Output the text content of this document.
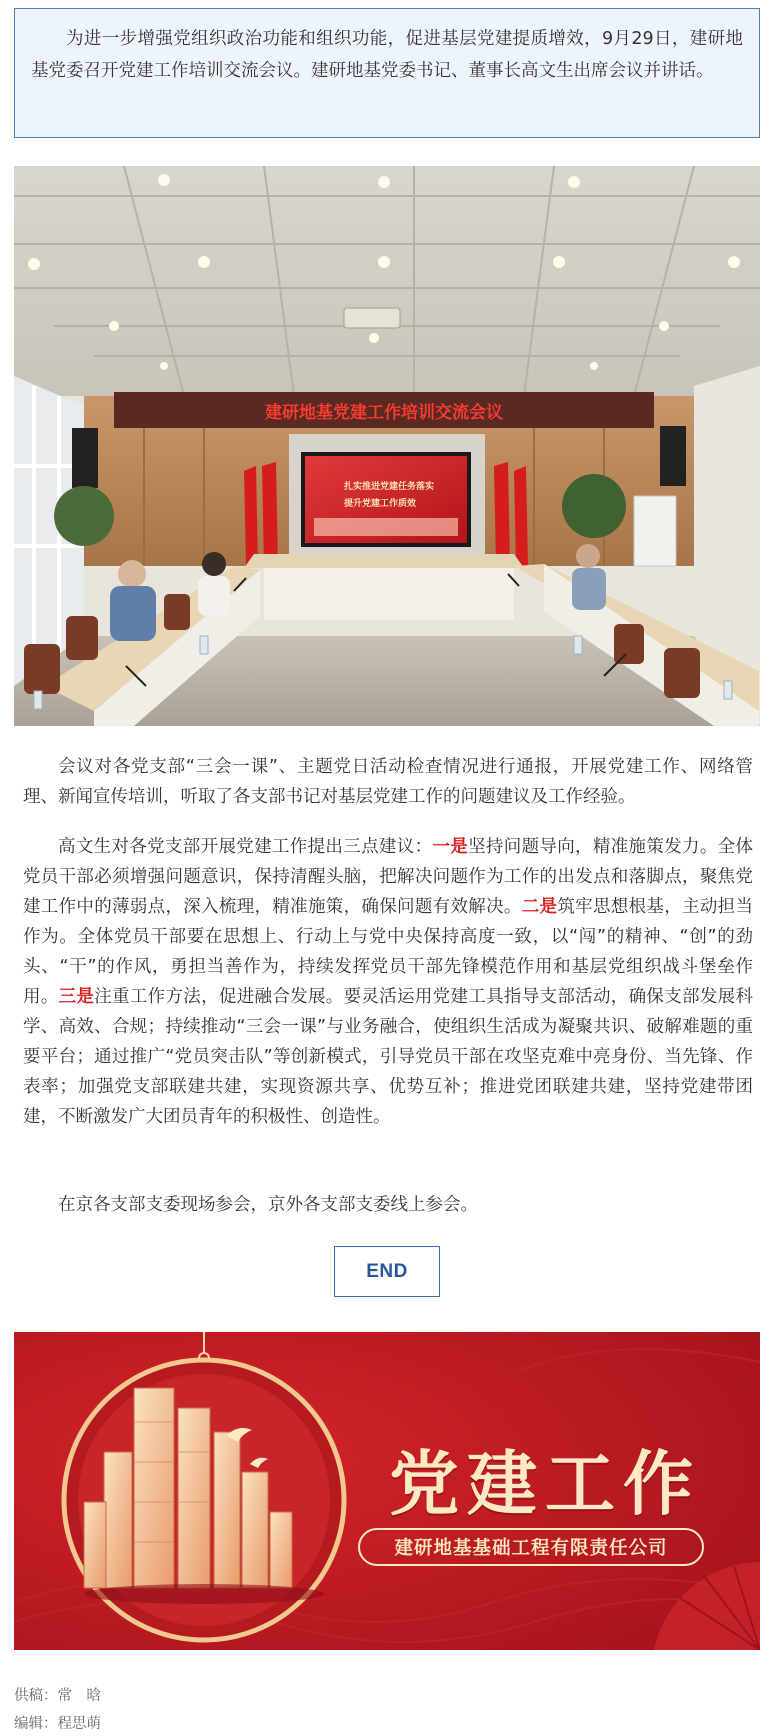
为进一步增强党组织政治功能和组织功能，促进基层党建提质增效，9月29日，建研地基党委召开党建工作培训交流会议。建研地基党委书记、董事长高文生出席会议并讲话。

建研地基党建工作培训交流会议
扎实推进党建任务落实
提升党建工作质效

会议对各党支部“三会一课”、主题党日活动检查情况进行通报，开展党建工作、网络管理、新闻宣传培训，听取了各支部书记对基层党建工作的问题建议及工作经验。

高文生对各党支部开展党建工作提出三点建议：一是坚持问题导向，精准施策发力。全体党员干部必须增强问题意识，保持清醒头脑，把解决问题作为工作的出发点和落脚点，聚焦党建工作中的薄弱点，深入梳理，精准施策，确保问题有效解决。二是筑牢思想根基，主动担当作为。全体党员干部要在思想上、行动上与党中央保持高度一致，以“闯”的精神、“创”的劲头、“干”的作风，勇担当善作为，持续发挥党员干部先锋模范作用和基层党组织战斗堡垒作用。三是注重工作方法，促进融合发展。要灵活运用党建工具指导支部活动，确保支部发展科学、高效、合规；持续推动“三会一课”与业务融合，使组织生活成为凝聚共识、破解难题的重要平台；通过推广“党员突击队”等创新模式，引导党员干部在攻坚克难中亮身份、当先锋、作表率；加强党支部联建共建，实现资源共享、优势互补；推进党团联建共建，坚持党建带团建，不断激发广大团员青年的积极性、创造性。

在京各支部支委现场参会，京外各支部支委线上参会。

END
党建工作
建研地基基础工程有限责任公司
供稿：常　晗
编辑：程思萌
